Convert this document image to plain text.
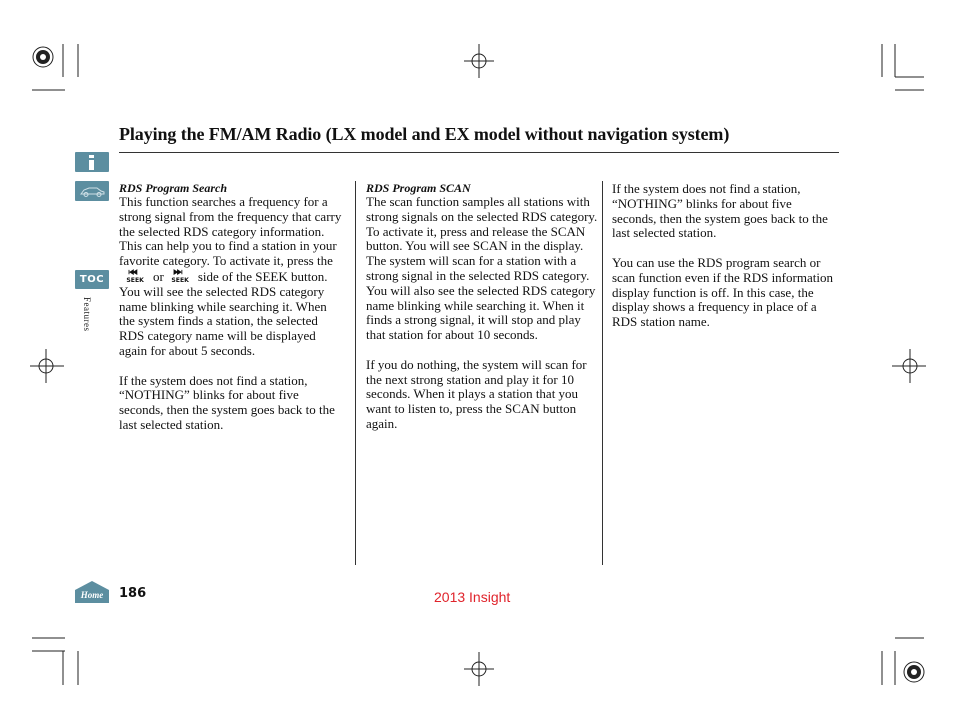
TOC
Features
Home
Playing the FM/AM Radio (LX model and EX model without navigation system)
RDS Program Search

This function searches a frequency for a strong signal from the frequency that carry the selected RDS category information. This can help you to find a station in your favorite category. To activate it, press the
SEEK or SEEK side of the SEEK button. You will see the selected RDS category name blinking while searching it. When the system finds a station, the selected RDS category name will be displayed again for about 5 seconds.

If the system does not find a station, “NOTHING” blinks for about five seconds, then the system goes back to the last selected station.

RDS Program SCAN

The scan function samples all stations with strong signals on the selected RDS category. To activate it, press and release the SCAN button. You will see SCAN in the display. The system will scan for a station with a strong signal in the selected RDS category. You will also see the selected RDS category name blinking while searching it. When it finds a strong signal, it will stop and play that station for about 10 seconds.

If you do nothing, the system will scan for the next strong station and play it for 10 seconds. When it plays a station that you want to listen to, press the SCAN button again.

If the system does not find a station, “NOTHING” blinks for about five seconds, then the system goes back to the last selected station.

You can use the RDS program search or scan function even if the RDS information display function is off. In this case, the display shows a frequency in place of a RDS station name.

186	2013 Insight
